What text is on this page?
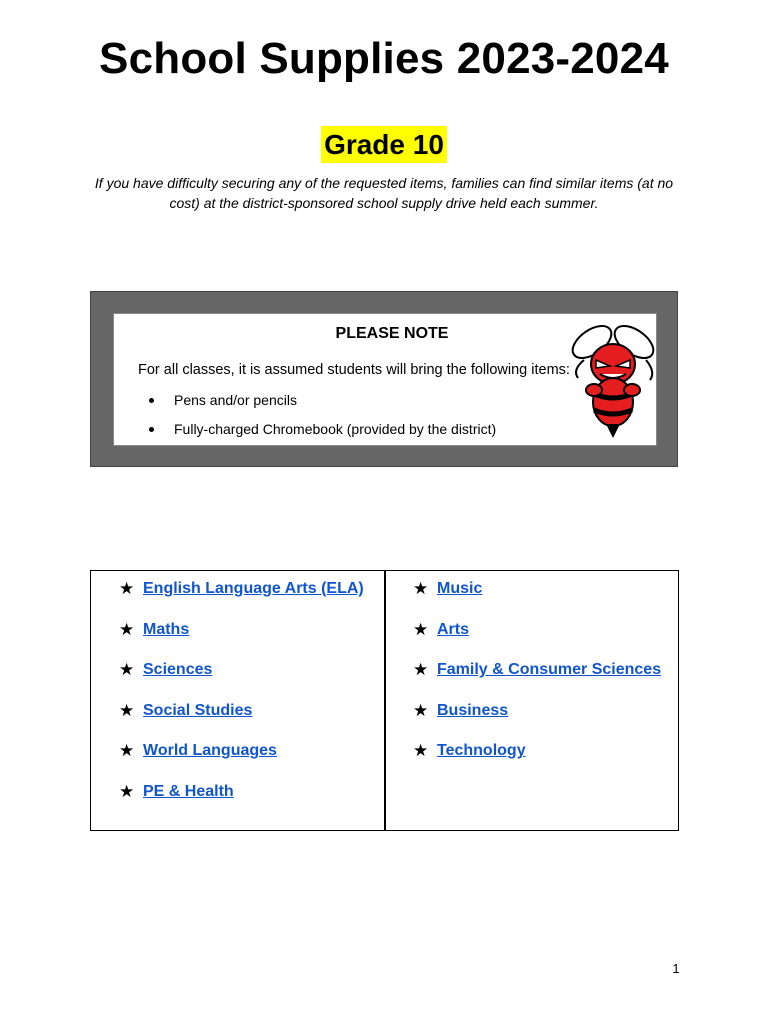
School Supplies 2023-2024
Grade 10
If you have difficulty securing any of the requested items, families can find similar items (at no cost) at the district-sponsored school supply drive held each summer.
PLEASE NOTE
For all classes, it is assumed students will bring the following items:
Pens and/or pencils
Fully-charged Chromebook (provided by the district)
★ English Language Arts (ELA)
★ Maths
★ Sciences
★ Social Studies
★ World Languages
★ PE & Health
★ Music
★ Arts
★ Family & Consumer Sciences
★ Business
★ Technology
1
